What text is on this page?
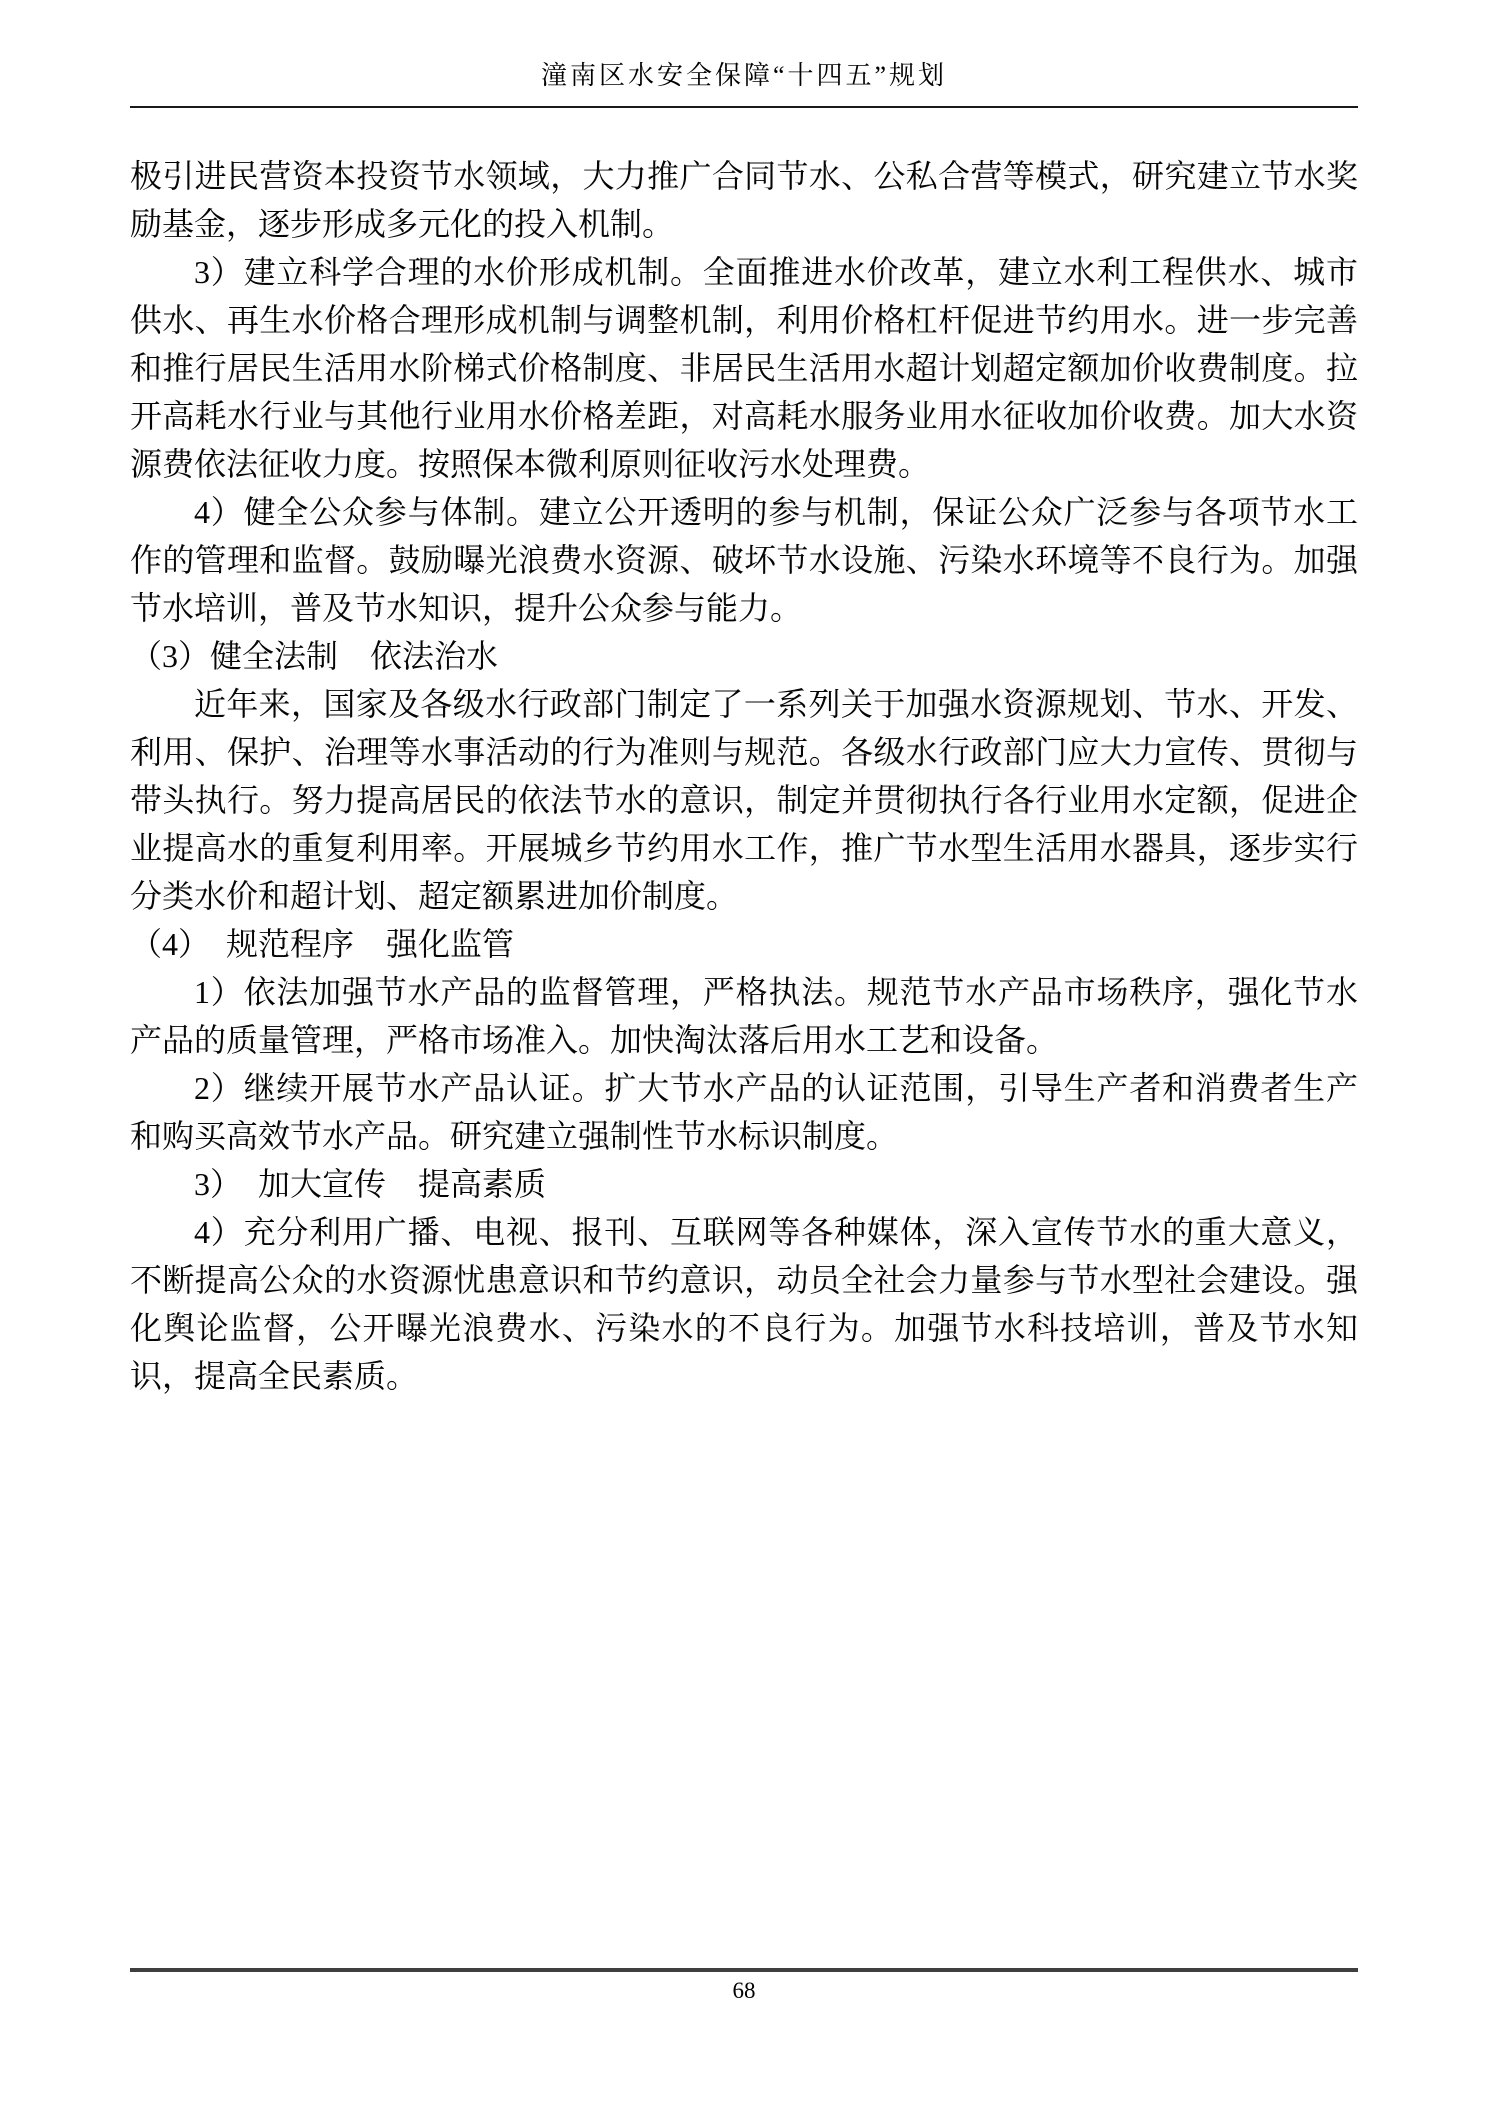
潼南区水安全保障“十四五”规划

极引进民营资本投资节水领域，大力推广合同节水、公私合营等模式，研究建立节水奖励基金，逐步形成多元化的投入机制。

3）建立科学合理的水价形成机制。全面推进水价改革，建立水利工程供水、城市供水、再生水价格合理形成机制与调整机制，利用价格杠杆促进节约用水。进一步完善和推行居民生活用水阶梯式价格制度、非居民生活用水超计划超定额加价收费制度。拉开高耗水行业与其他行业用水价格差距，对高耗水服务业用水征收加价收费。加大水资源费依法征收力度。按照保本微利原则征收污水处理费。

4）健全公众参与体制。建立公开透明的参与机制，保证公众广泛参与各项节水工作的管理和监督。鼓励曝光浪费水资源、破坏节水设施、污染水环境等不良行为。加强节水培训，普及节水知识，提升公众参与能力。

（3）健全法制　依法治水

近年来，国家及各级水行政部门制定了一系列关于加强水资源规划、节水、开发、利用、保护、治理等水事活动的行为准则与规范。各级水行政部门应大力宣传、贯彻与带头执行。努力提高居民的依法节水的意识，制定并贯彻执行各行业用水定额，促进企业提高水的重复利用率。开展城乡节约用水工作，推广节水型生活用水器具，逐步实行分类水价和超计划、超定额累进加价制度。

（4）　规范程序　强化监管

1）依法加强节水产品的监督管理，严格执法。规范节水产品市场秩序，强化节水产品的质量管理，严格市场准入。加快淘汰落后用水工艺和设备。

2）继续开展节水产品认证。扩大节水产品的认证范围，引导生产者和消费者生产和购买高效节水产品。研究建立强制性节水标识制度。

3）　加大宣传　提高素质

4）充分利用广播、电视、报刊、互联网等各种媒体，深入宣传节水的重大意义，不断提高公众的水资源忧患意识和节约意识，动员全社会力量参与节水型社会建设。强化舆论监督，公开曝光浪费水、污染水的不良行为。加强节水科技培训，普及节水知识，提高全民素质。

68
